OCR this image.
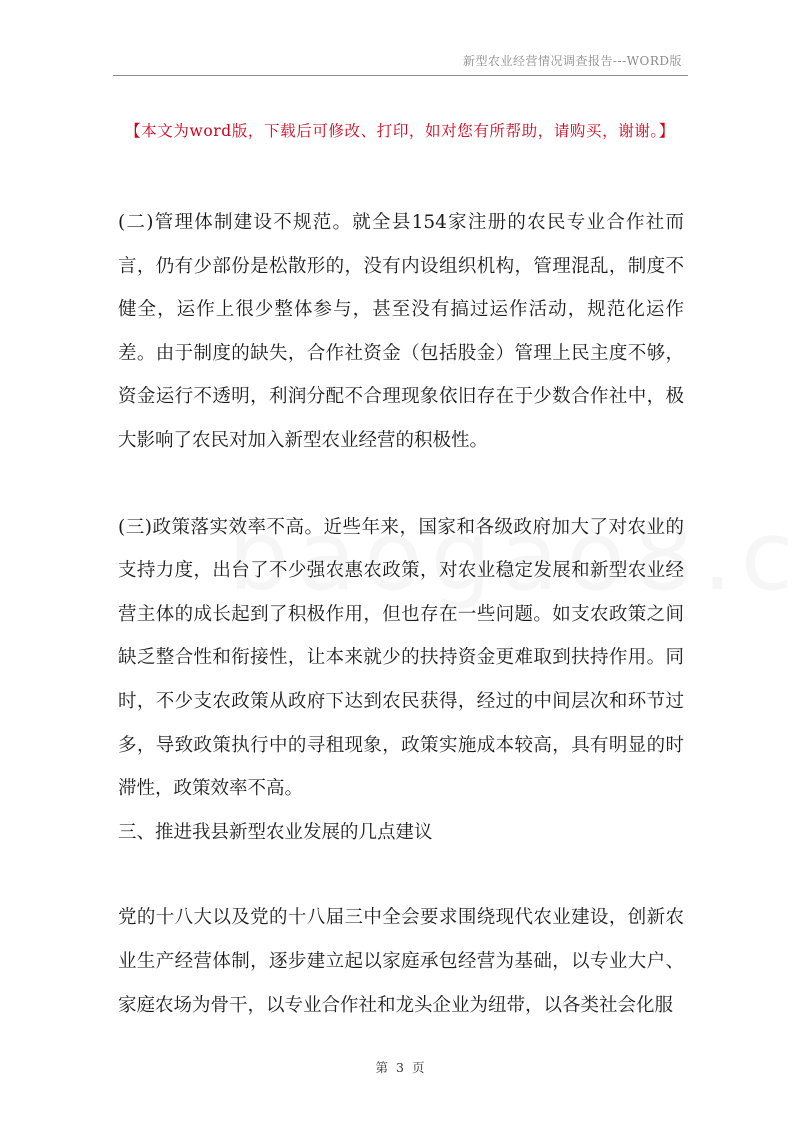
新型农业经营情况调查报告---WORD版
【本文为word版，下载后可修改、打印，如对您有所帮助，请购买，谢谢。】

(二)管理体制建设不规范。就全县154家注册的农民专业合作社而言，仍有少部份是松散形的，没有内设组织机构，管理混乱，制度不健全，运作上很少整体参与，甚至没有搞过运作活动，规范化运作差。由于制度的缺失，合作社资金（包括股金）管理上民主度不够，资金运行不透明，利润分配不合理现象依旧存在于少数合作社中，极大影响了农民对加入新型农业经营的积极性。

(三)政策落实效率不高。近些年来，国家和各级政府加大了对农业的支持力度，出台了不少强农惠农政策，对农业稳定发展和新型农业经营主体的成长起到了积极作用，但也存在一些问题。如支农政策之间缺乏整合性和衔接性，让本来就少的扶持资金更难取到扶持作用。同时，不少支农政策从政府下达到农民获得，经过的中间层次和环节过多，导致政策执行中的寻租现象，政策实施成本较高，具有明显的时滞性，政策效率不高。

三、推进我县新型农业发展的几点建议

党的十八大以及党的十八届三中全会要求围绕现代农业建设，创新农业生产经营体制，逐步建立起以家庭承包经营为基础，以专业大户、家庭农场为骨干，以专业合作社和龙头企业为纽带，以各类社会化服

第 3 页
